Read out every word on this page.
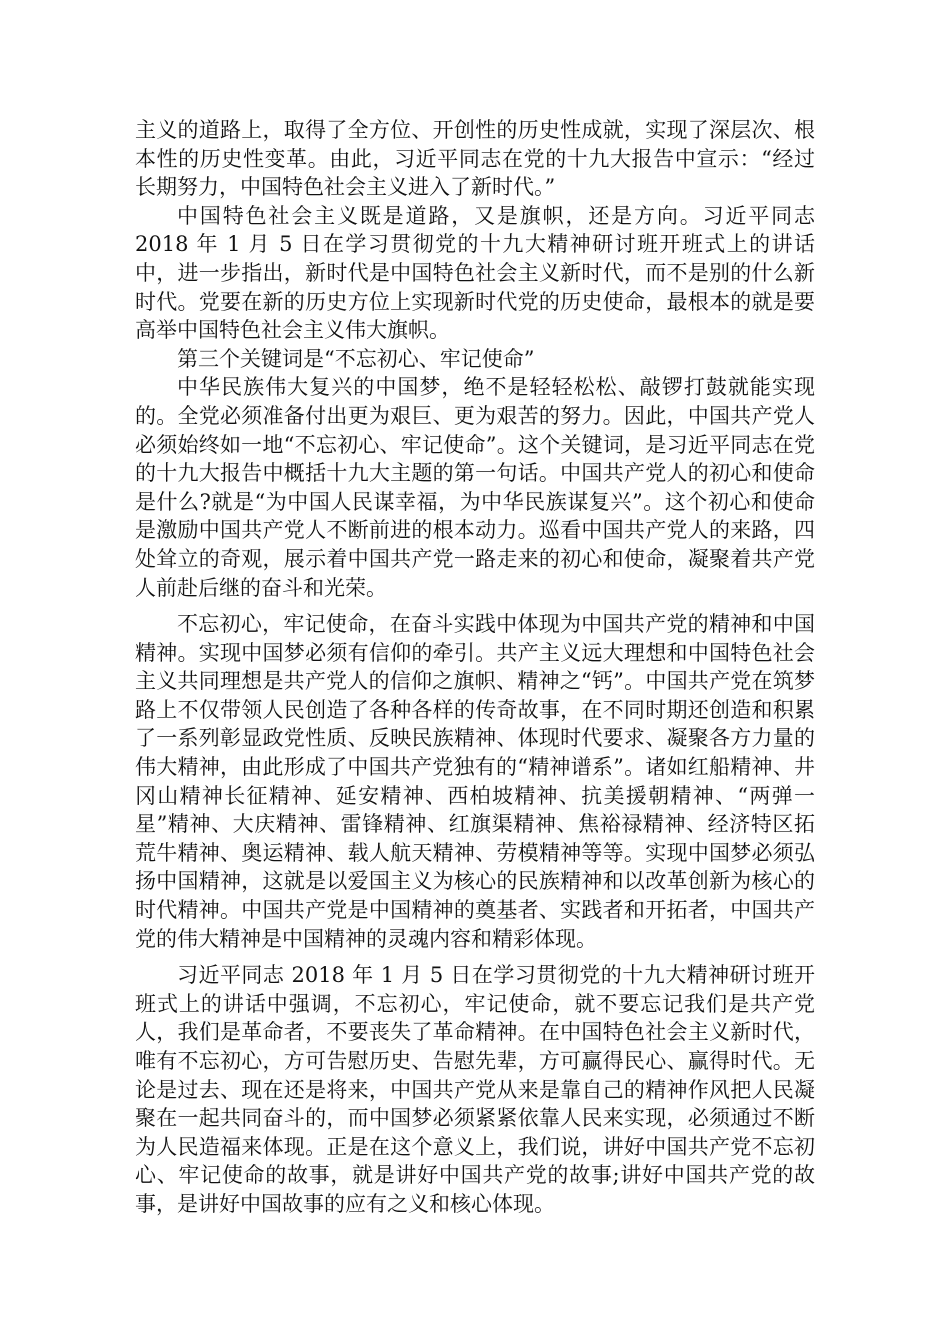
主义的道路上，取得了全方位、开创性的历史性成就，实现了深层次、根本性的历史性变革。由此，习近平同志在党的十九大报告中宣示：“经过长期努力，中国特色社会主义进入了新时代。”

中国特色社会主义既是道路，又是旗帜，还是方向。习近平同志 2018 年 1 月 5 日在学习贯彻党的十九大精神研讨班开班式上的讲话中，进一步指出，新时代是中国特色社会主义新时代，而不是别的什么新时代。党要在新的历史方位上实现新时代党的历史使命，最根本的就是要高举中国特色社会主义伟大旗帜。

第三个关键词是“不忘初心、牢记使命”

中华民族伟大复兴的中国梦，绝不是轻轻松松、敲锣打鼓就能实现的。全党必须准备付出更为艰巨、更为艰苦的努力。因此，中国共产党人必须始终如一地“不忘初心、牢记使命”。这个关键词，是习近平同志在党的十九大报告中概括十九大主题的第一句话。中国共产党人的初心和使命是什么?就是“为中国人民谋幸福，为中华民族谋复兴”。这个初心和使命是激励中国共产党人不断前进的根本动力。巡看中国共产党人的来路，四处耸立的奇观，展示着中国共产党一路走来的初心和使命，凝聚着共产党人前赴后继的奋斗和光荣。

不忘初心，牢记使命，在奋斗实践中体现为中国共产党的精神和中国精神。实现中国梦必须有信仰的牵引。共产主义远大理想和中国特色社会主义共同理想是共产党人的信仰之旗帜、精神之“钙”。中国共产党在筑梦路上不仅带领人民创造了各种各样的传奇故事，在不同时期还创造和积累了一系列彰显政党性质、反映民族精神、体现时代要求、凝聚各方力量的伟大精神，由此形成了中国共产党独有的“精神谱系”。诸如红船精神、井冈山精神长征精神、延安精神、西柏坡精神、抗美援朝精神、“两弹一星”精神、大庆精神、雷锋精神、红旗渠精神、焦裕禄精神、经济特区拓荒牛精神、奥运精神、载人航天精神、劳模精神等等。实现中国梦必须弘扬中国精神，这就是以爱国主义为核心的民族精神和以改革创新为核心的时代精神。中国共产党是中国精神的奠基者、实践者和开拓者，中国共产党的伟大精神是中国精神的灵魂内容和精彩体现。

习近平同志 2018 年 1 月 5 日在学习贯彻党的十九大精神研讨班开班式上的讲话中强调，不忘初心，牢记使命，就不要忘记我们是共产党人，我们是革命者，不要丧失了革命精神。在中国特色社会主义新时代，唯有不忘初心，方可告慰历史、告慰先辈，方可赢得民心、赢得时代。无论是过去、现在还是将来，中国共产党从来是靠自己的精神作风把人民凝聚在一起共同奋斗的，而中国梦必须紧紧依靠人民来实现，必须通过不断为人民造福来体现。正是在这个意义上，我们说，讲好中国共产党不忘初心、牢记使命的故事，就是讲好中国共产党的故事;讲好中国共产党的故事，是讲好中国故事的应有之义和核心体现。
